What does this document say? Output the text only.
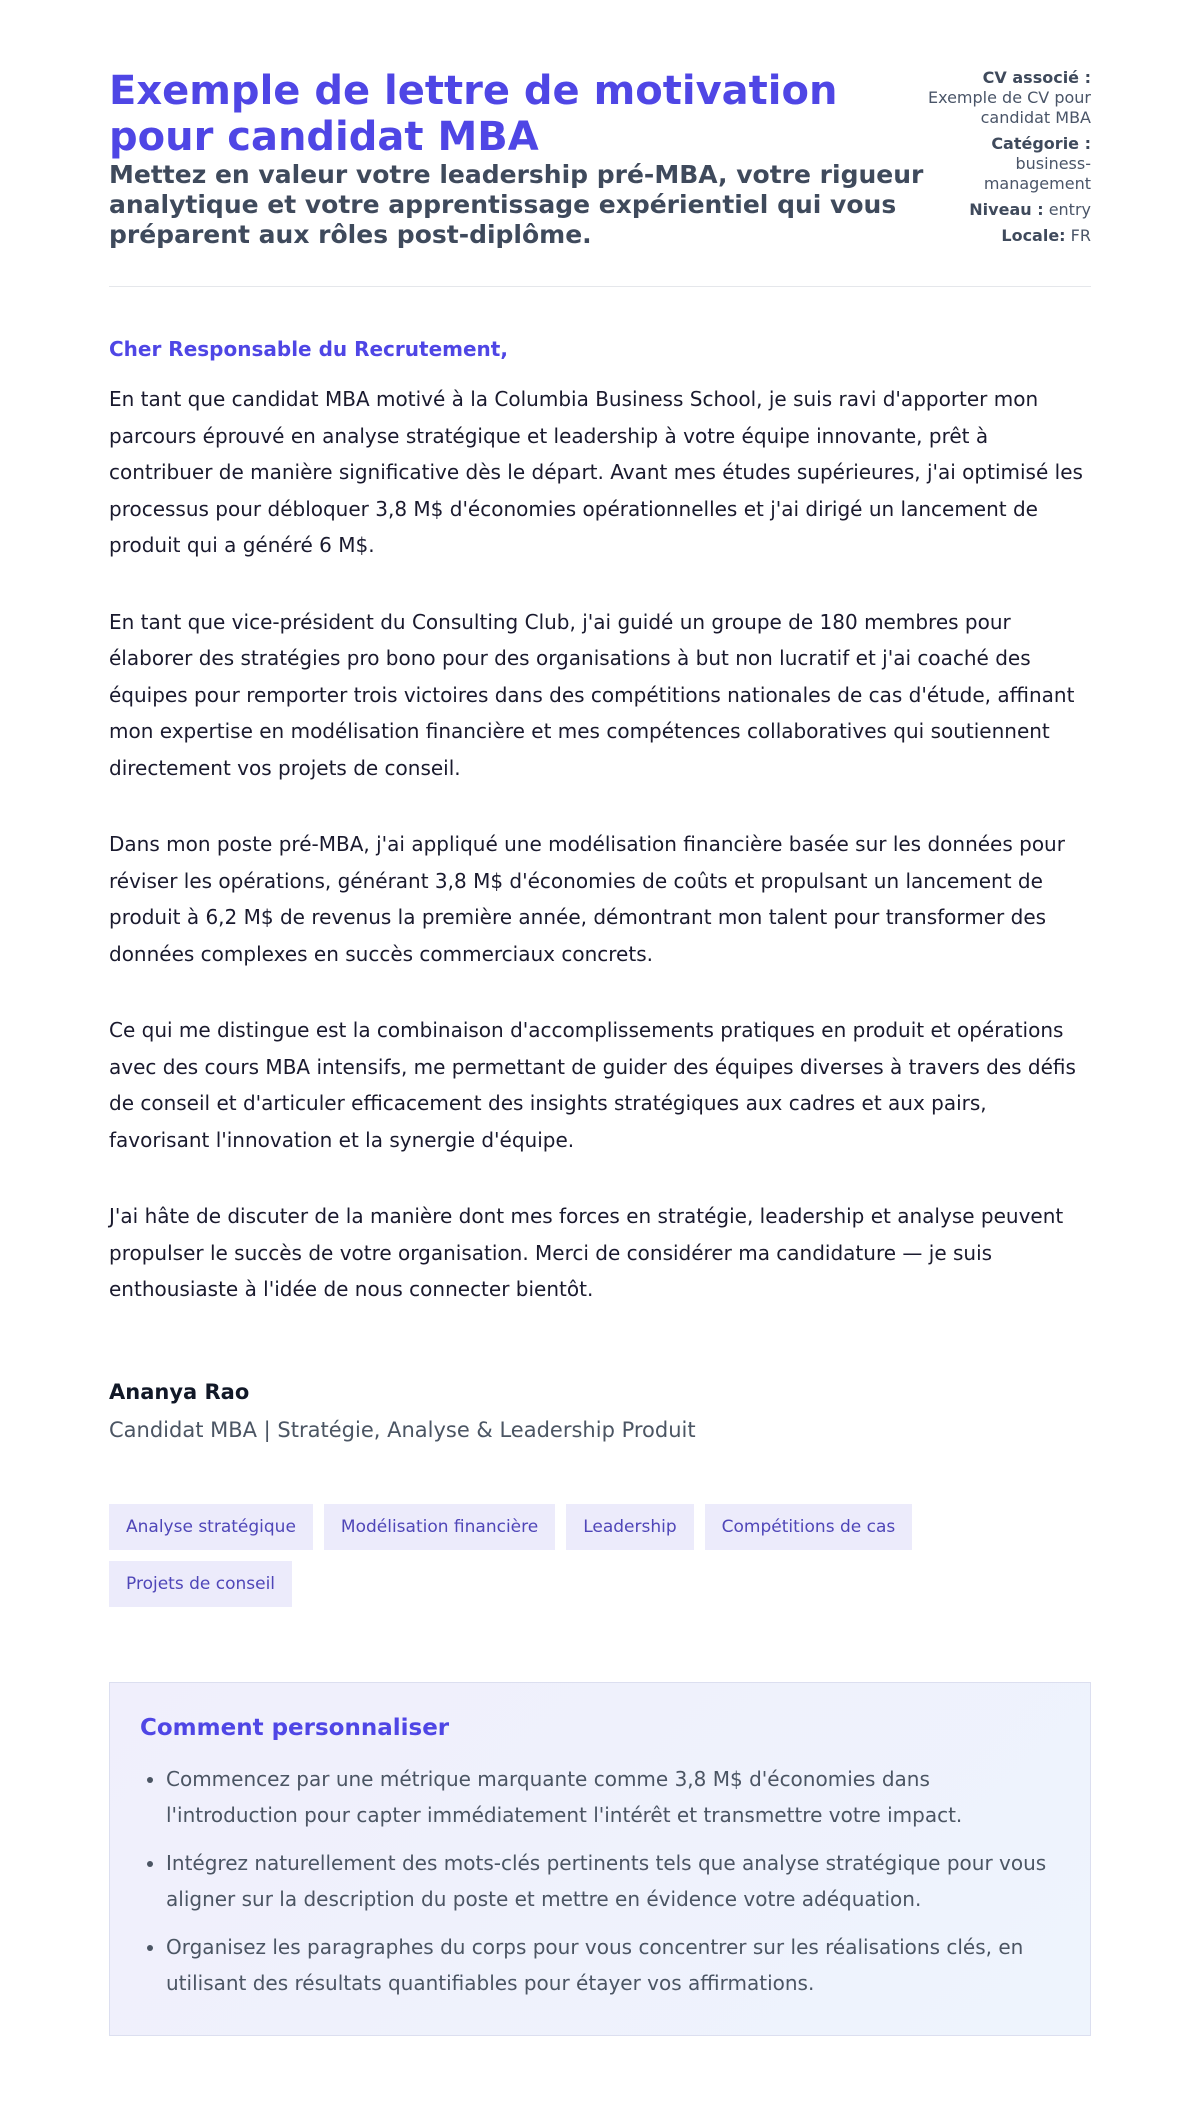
Exemple de lettre de motivation pour candidat MBA

Mettez en valeur votre leadership pré-MBA, votre rigueur analytique et votre apprentissage expérientiel qui vous préparent aux rôles post-diplôme.

CV associé :
Exemple de CV pour candidat MBA
Catégorie :
business-management
Niveau : entry
Locale: FR
Cher Responsable du Recrutement,

En tant que candidat MBA motivé à la Columbia Business School, je suis ravi d'apporter mon parcours éprouvé en analyse stratégique et leadership à votre équipe innovante, prêt à contribuer de manière significative dès le départ. Avant mes études supérieures, j'ai optimisé les processus pour débloquer 3,8 M$ d'économies opérationnelles et j'ai dirigé un lancement de produit qui a généré 6 M$.

En tant que vice-président du Consulting Club, j'ai guidé un groupe de 180 membres pour élaborer des stratégies pro bono pour des organisations à but non lucratif et j'ai coaché des équipes pour remporter trois victoires dans des compétitions nationales de cas d'étude, affinant mon expertise en modélisation financière et mes compétences collaboratives qui soutiennent directement vos projets de conseil.

Dans mon poste pré-MBA, j'ai appliqué une modélisation financière basée sur les données pour réviser les opérations, générant 3,8 M$ d'économies de coûts et propulsant un lancement de produit à 6,2 M$ de revenus la première année, démontrant mon talent pour transformer des données complexes en succès commerciaux concrets.

Ce qui me distingue est la combinaison d'accomplissements pratiques en produit et opérations avec des cours MBA intensifs, me permettant de guider des équipes diverses à travers des défis de conseil et d'articuler efficacement des insights stratégiques aux cadres et aux pairs, favorisant l'innovation et la synergie d'équipe.

J'ai hâte de discuter de la manière dont mes forces en stratégie, leadership et analyse peuvent propulser le succès de votre organisation. Merci de considérer ma candidature — je suis enthousiaste à l'idée de nous connecter bientôt.

Ananya Rao
Candidat MBA | Stratégie, Analyse & Leadership Produit
Analyse stratégique	Modélisation financière	Leadership	Compétitions de cas
Projets de conseil
Comment personnaliser
• Commencez par une métrique marquante comme 3,8 M$ d'économies dans l'introduction pour capter immédiatement l'intérêt et transmettre votre impact.
• Intégrez naturellement des mots-clés pertinents tels que analyse stratégique pour vous aligner sur la description du poste et mettre en évidence votre adéquation.
• Organisez les paragraphes du corps pour vous concentrer sur les réalisations clés, en utilisant des résultats quantifiables pour étayer vos affirmations.
